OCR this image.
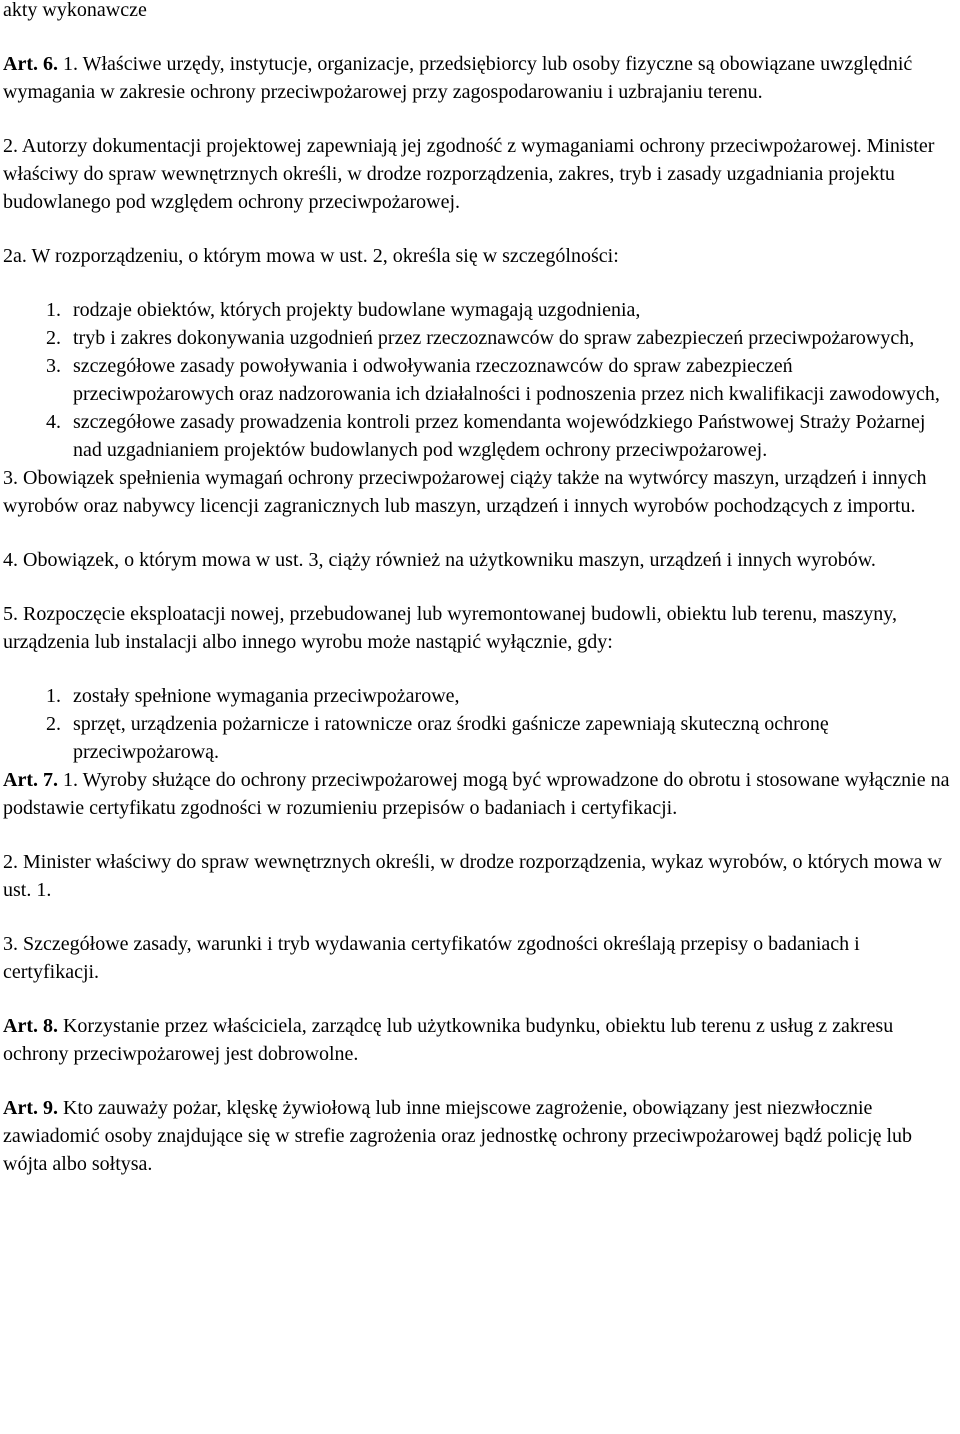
akty wykonawcze

Art. 6. 1. Właściwe urzędy, instytucje, organizacje, przedsiębiorcy lub osoby fizyczne są obowiązane uwzględnić wymagania w zakresie ochrony przeciwpożarowej przy zagospodarowaniu i uzbrajaniu terenu.

2. Autorzy dokumentacji projektowej zapewniają jej zgodność z wymaganiami ochrony przeciwpożarowej. Minister właściwy do spraw wewnętrznych określi, w drodze rozporządzenia, zakres, tryb i zasady uzgadniania projektu budowlanego pod względem ochrony przeciwpożarowej.

2a. W rozporządzeniu, o którym mowa w ust. 2, określa się w szczególności:

1. rodzaje obiektów, których projekty budowlane wymagają uzgodnienia,
2. tryb i zakres dokonywania uzgodnień przez rzeczoznawców do spraw zabezpieczeń przeciwpożarowych,
3. szczegółowe zasady powoływania i odwoływania rzeczoznawców do spraw zabezpieczeń przeciwpożarowych oraz nadzorowania ich działalności i podnoszenia przez nich kwalifikacji zawodowych,
4. szczegółowe zasady prowadzenia kontroli przez komendanta wojewódzkiego Państwowej Straży Pożarnej nad uzgadnianiem projektów budowlanych pod względem ochrony przeciwpożarowej.

3. Obowiązek spełnienia wymagań ochrony przeciwpożarowej ciąży także na wytwórcy maszyn, urządzeń i innych wyrobów oraz nabywcy licencji zagranicznych lub maszyn, urządzeń i innych wyrobów pochodzących z importu.

4. Obowiązek, o którym mowa w ust. 3, ciąży również na użytkowniku maszyn, urządzeń i innych wyrobów.

5. Rozpoczęcie eksploatacji nowej, przebudowanej lub wyremontowanej budowli, obiektu lub terenu, maszyny, urządzenia lub instalacji albo innego wyrobu może nastąpić wyłącznie, gdy:

1. zostały spełnione wymagania przeciwpożarowe,
2. sprzęt, urządzenia pożarnicze i ratownicze oraz środki gaśnicze zapewniają skuteczną ochronę przeciwpożarową.

Art. 7. 1. Wyroby służące do ochrony przeciwpożarowej mogą być wprowadzone do obrotu i stosowane wyłącznie na podstawie certyfikatu zgodności w rozumieniu przepisów o badaniach i certyfikacji.

2. Minister właściwy do spraw wewnętrznych określi, w drodze rozporządzenia, wykaz wyrobów, o których mowa w ust. 1.

3. Szczegółowe zasady, warunki i tryb wydawania certyfikatów zgodności określają przepisy o badaniach i certyfikacji.

Art. 8. Korzystanie przez właściciela, zarządcę lub użytkownika budynku, obiektu lub terenu z usług z zakresu ochrony przeciwpożarowej jest dobrowolne.

Art. 9. Kto zauważy pożar, klęskę żywiołową lub inne miejscowe zagrożenie, obowiązany jest niezwłocznie zawiadomić osoby znajdujące się w strefie zagrożenia oraz jednostkę ochrony przeciwpożarowej bądź policję lub wójta albo sołtysa.
